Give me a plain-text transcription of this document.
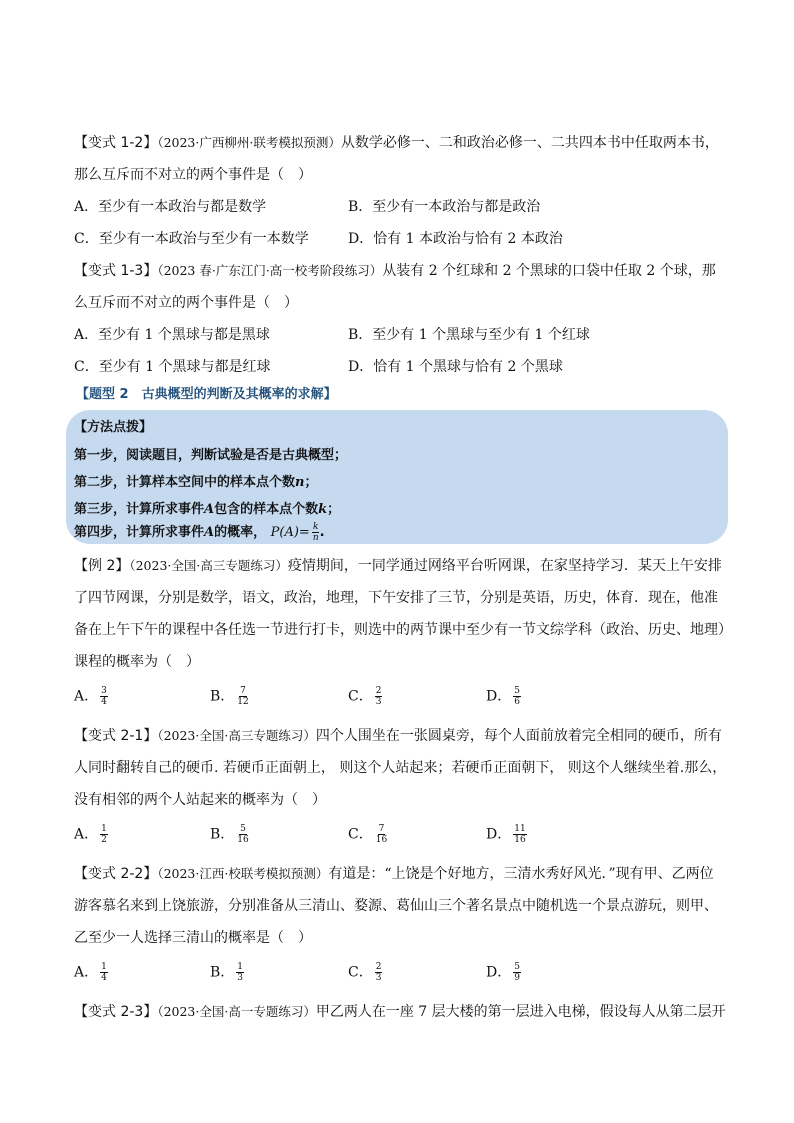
【变式 1-2】（2023·广西柳州·联考模拟预测）从数学必修一、二和政治必修一、二共四本书中任取两本书，
那么互斥而不对立的两个事件是（　）
A．至少有一本政治与都是数学	B．至少有一本政治与都是政治
C．至少有一本政治与至少有一本数学	D．恰有 1 本政治与恰有 2 本政治
【变式 1-3】（2023 春·广东江门·高一校考阶段练习）从装有 2 个红球和 2 个黑球的口袋中任取 2 个球，那
么互斥而不对立的两个事件是（　）
A．至少有 1 个黑球与都是黑球	B．至少有 1 个黑球与至少有 1 个红球
C．至少有 1 个黑球与都是红球	D．恰有 1 个黑球与恰有 2 个黑球
【题型 2　古典概型的判断及其概率的求解】
【方法点拨】
第一步，阅读题目，判断试验是否是古典概型；
第二步，计算样本空间中的样本点个数n；
第三步，计算所求事件A包含的样本点个数k；
第四步，计算所求事件A的概率， $P(A)= \frac{k}{n}$ .
【例 2】（2023·全国·高三专题练习）疫情期间，一同学通过网络平台听网课，在家坚持学习．某天上午安排
了四节网课，分别是数学，语文，政治，地理，下午安排了三节，分别是英语，历史，体育．现在，他准
备在上午下午的课程中各任选一节进行打卡，则选中的两节课中至少有一节文综学科（政治、历史、地理）
课程的概率为（　）
A． $\frac{3}{4}$	B． $\frac{7}{12}$	C． $\frac{2}{3}$	D． $\frac{5}{6}$
【变式 2-1】（2023·全国·高三专题练习）四个人围坐在一张圆桌旁，每个人面前放着完全相同的硬币，所有
人同时翻转自己的硬币. 若硬币正面朝上， 则这个人站起来；若硬币正面朝下， 则这个人继续坐着.那么，
没有相邻的两个人站起来的概率为（　）
A． $\frac{1}{2}$	B． $\frac{5}{16}$	C． $\frac{7}{16}$	D． $\frac{11}{16}$
【变式 2-2】（2023·江西·校联考模拟预测）有道是：“上饶是个好地方，三清水秀好风光．”现有甲、乙两位
游客慕名来到上饶旅游，分别准备从三清山、婺源、葛仙山三个著名景点中随机选一个景点游玩，则甲、
乙至少一人选择三清山的概率是（　）
A． $\frac{1}{4}$	B． $\frac{1}{3}$	C． $\frac{2}{3}$	D． $\frac{5}{9}$
【变式 2-3】（2023·全国·高一专题练习）甲乙两人在一座 7 层大楼的第一层进入电梯，假设每人从第二层开
